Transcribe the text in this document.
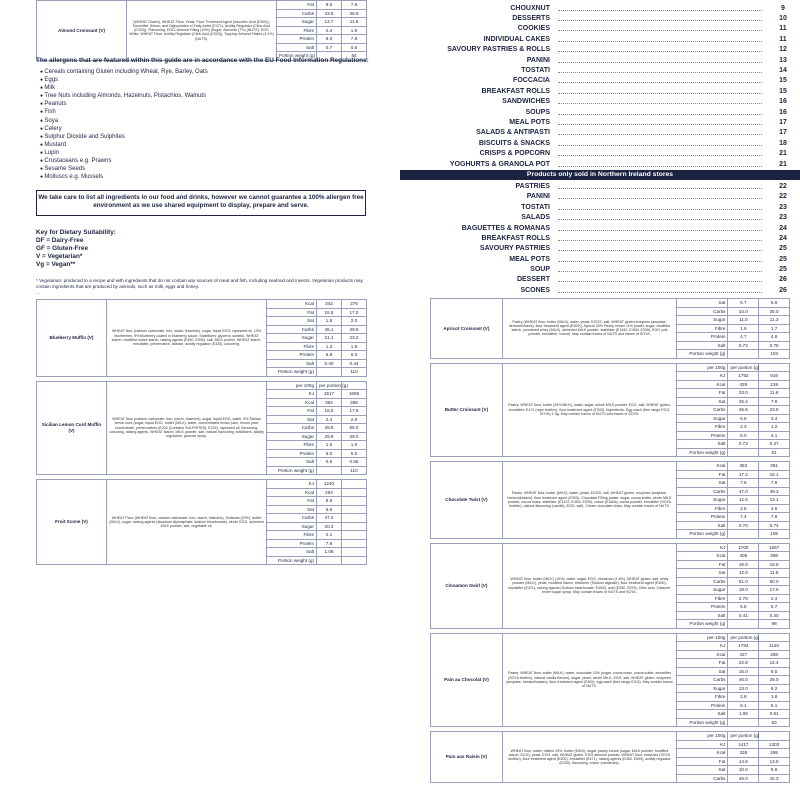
Almond Croissant (V)	(WHEAT Gluten), WHEAT Flour, Yeast, Flour Treatment Agent (Ascorbic Acid (E300)), Emulsifier (Mono- and Diglycerides of Fatty Acids (E471), Acidity Regulator (Citric Acid (E330)), Flavouring, EGG, Almond Filling (19%) [Sugar, Almonds (7%) (NUTS), EGG White, WHEAT Flour, Acidity Regulator (Citric Acid (E330)), Topping: Almond Flakes (4.2%) (NUTS).	Fat	9.0	7.6
		Carbs	43.5	36.9
		Sugar	13.7	11.6
		Fibre	2.4	1.9
		Protein	9.3	7.8
		Salt	0.7	0.6
		Portion weight (g)		84
The allergens that are featured within this guide are in accordance with the EU Food Information Regulations:
● Cereals containing Gluten including Wheat, Rye, Barley, Oats
● Eggs
● Milk
● Tree Nuts including Almonds, Hazelnuts, Pistachios, Walnuts
● Peanuts
● Fish
● Soya
● Celery
● Sulphur Dioxide and Sulphites
● Mustard
● Lupin
● Crustaceans e.g. Prawns
● Sesame Seeds
● Molluscs e.g. Mussels
We take care to list all ingredients in our food and drinks, however we cannot guarantee a 100% allergen free environment as we use shared equipment to display, prepare and serve.
Key for Dietary Suitability:
DF = Dairy-Free
GF = Gluten-Free
V = Vegetarian*
Vg = Vegan**
* Vegetarian: produced to a recipe and with ingredients that do not contain any sources of meat and fish, including seafood and insects. Vegetarian products may contain ingredients that are produced by animals, such as milk, eggs and honey.
...
Blueberry Muffin (V)	WHEAT flour (calcium carbonate, iron, niacin, thiamine), sugar, liquid EGG, rapeseed oil, 13% blueberries, 9% blueberry coated in blueberry sauce. Stabilisers: glycerol, sorbitol, WHEAT starch, modified maize starch, raising agents (E450, E500), salt, MILK protein, WHEAT starch, emulsifier, preservative, lactose, acidity regulator (E330), colouring.	Kcal	342	376
		Fat	15.5	17.0
		Sat	1.8	2.0
		Carbs	45.1	49.6
		Sugar	21.1	23.2
		Fibre	1.3	1.5
		Protein	5.8	6.3
		Salt	0.40	0.44
		Portion weight (g)		110
Sicilian Lemon Curd Muffin (V)	WHEAT flour (calcium carbonate, iron, niacin, thiamine), sugar, liquid EGG, water, 9% Sicilian lemon curd (sugar, liquid EGG, butter (MILK), water, concentrated lemon juice, lemon juice concentrate, preservatives (E202 (Contains SULPHITES), E224), rapeseed oil, flavouring, colouring, raising agents, WHEAT starch, MILK powder, salt, natural flavouring, stabilisers, acidity regulators, glucose syrup.	per 100g	per portion (g)	
		KJ	1517	1669
		Kcal	362	398
		Fat	16.5	17.9
		Sat	2.4	2.6
		Carbs	49.8	55.0
		Sugar	25.9	28.0
		Fibre	1.0	1.0
		Protein	5.0	5.5
		Salt	0.5	0.55
		Portion weight (g)		110
Fruit Scone (V)	WHEAT Flour (WHEAT flour, calcium carbonate, iron, niacin, thiamine), Sultanas (20%), butter (MILK), sugar, raising agents (disodium diphosphate, sodium bicarbonate), whole EGG, skimmed MILK powder, salt, vegetable oil.	KJ	1240	
		Kcal	294	
		Fat	8.5	
		Sat	5.6	
		Carbs	47.2	
		Sugar	20.3	
		Fibre	2.1	
		Protein	7.6	
		Salt	1.06	
		Portion weight (g)		
CHOUXNUT	9
DESSERTS	10
COOKIES	11
INDIVIDUAL CAKES	11
SAVOURY PASTRIES & ROLLS	12
PANINI	13
TOSTATI	14
FOCCACIA	15
BREAKFAST ROLLS	15
SANDWICHES	16
SOUPS	16
MEAL POTS	17
SALADS & ANTIPASTI	17
BISCUITS & SNACKS	18
CRISPS & POPCORN	21
YOGHURTS & GRANOLA POT	21
Products only sold in Northern Ireland stores
PASTRIES	22
PANINI	22
TOSTATI	23
SALADS	23
BAGUETTES & ROMANAS	24
BREAKFAST ROLLS	24
SAVOURY PASTRIES	25
MEAL POTS	25
SOUP	25
DESSERT	26
SCONES	26
Apricot Croissant (V)	Pastry (WHEAT flour, butter (MILK), water, yeast, EGGS, salt, WHEAT gluten enzymes (amylase, hemicellulases), flour treatment agent (E300)), Apricot 30% Pastry cream 11% (water, sugar, modified starch, powdered whey (MILK), skimmed MILK powder, stabiliser (E1442, E450i, E339), EGG yolk powder, emulsifier, colour). May contain traces of NUTS and traces of SOYA.	Sat	6.7	6.9
		Carbs	34.0	35.0
		Sugar	11.0	11.3
		Fibre	1.6	1.7
		Protein	4.7	4.8
		Salt	0.72	0.75
		Portion weight (g)		103
Butter Croissant (V)	Pastry: WHEAT flour, butter (25% MILK), water, sugar, whole MILK powder, EGG, salt, WHEAT gluten, emulsifier: E471 (rape lecithin), flour treatment agent (E300). Ingredients: Egg wash (free range EGG, SOYA) 1.5g. May contain traces of NUTS and traces of SOYA.	per 100g	per portion (g)	
		KJ	1792	916
		Kcal	429	219
		Fat	23.0	11.8
		Sat	15.4	7.9
		Carbs	46.5	23.8
		Sugar	6.6	3.4
		Fibre	2.3	1.2
		Protein	8.0	4.1
		Salt	0.73	0.37
		Portion weight (g)		51
Chocolate Twist (V)	Pastry: WHEAT flour, butter (MILK), water, yeast, EGGS, salt, WHEAT gluten, enzymes (amylase, hemicellulases), flour treatment agent (E300). Chocolate Filling (water, sugar, cocoa butter, whole MILK powder, cocoa mass, stabiliser (E1422, E450i, E339), colour (E160a), cocoa powder, emulsifier (SOYA lecithin), natural flavouring (vanilla), EGG, salt). Cream chocolate chips. May contain traces of NUTS.	Kcal	363	381
		Fat	17.2	18.1
		Sat	7.6	7.8
		Carbs	47.0	49.3
		Sugar	12.5	13.1
		Fibre	2.5	2.6
		Protein	7.4	7.8
		Salt	0.70	0.74
		Portion weight (g)		105
Cinnamon Swirl (V)	WHEAT flour, butter (MILK) (19%), water, sugar, EGG, cinnamon (1.6%), WHEAT gluten, salt, whey powder (MILK), yeast, modified starch, thickener (Sodium alginate), flour treatment agent (E300), emulsifier (E471), raising agents (Sodium bicarbonate, E450i), acid (E330, E575), Citric acid, Caramel, Invert sugar syrup. May contain traces of NUTS and SOYA.	KJ	1700	1667
		Kcal	406	398
		Fat	19.0	18.6
		Sat	12.0	11.8
		Carbs	51.0	50.0
		Sugar	18.0	17.6
		Fibre	2.78	2.4
		Protein	5.8	5.7
		Salt	0.41	0.40
		Portion weight (g)		98
Pain au Chocolat (V)	Pastry: WHEAT flour, butter (MILK), water, chocolate 15% (sugar, cocoa mass, cocoa butter, emulsifier (SOYA lecithin), natural vanilla flavour), sugar, yeast, whole MILK, EGG, salt, WHEAT gluten, enzymes (amylase, hemicellulases), flour treatment agent (E300), egg wash (free range EGG). May contain traces of NUTS.	per 100g	per portion (g)	
		KJ	1784	1130
		Kcal	427	268
		Fat	22.8	14.4
		Sat	15.0	9.5
		Carbs	46.0	29.0
		Sugar	13.0	8.2
		Fibre	2.8	1.8
		Protein	8.1	5.1
		Salt	1.08	0.61
		Portion weight (g)		63
Pain aux Raisin (V)	WHEAT flour, water, raisins 19%, butter (MILK), sugar, pastry cream (sugar, MILK powder, modified starch, EGG), yeast, EGG, salt, WHEAT gluten, EGG albumin powder, WHEAT flour, enzymes (SOYA lecithin), flour treatment agent (E300), emulsifier (E471), raising agents (E450, E500), acidity regulator (E330), flavouring, colour (carotenes).	per 100g	per portion (g)	
		KJ	1417	1303
		Kcal	338	295
		Fat	14.8	13.6
		Sat	10.0	8.6
		Carbs	46.0	42.3
